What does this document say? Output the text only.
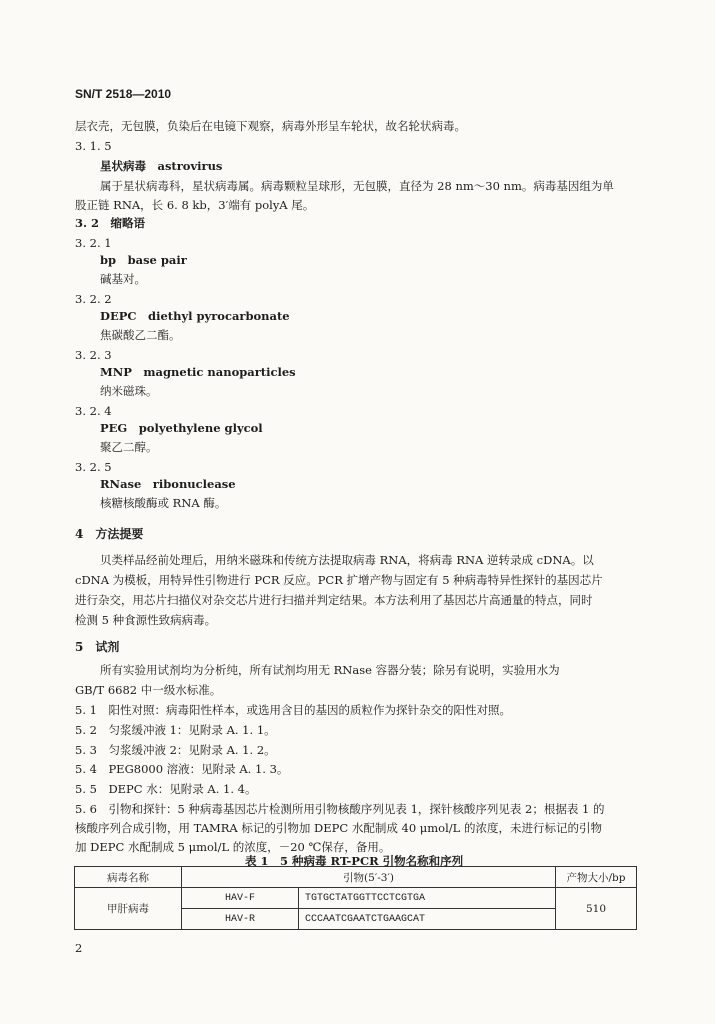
SN/T 2518—2010
层衣壳，无包膜，负染后在电镜下观察，病毒外形呈车轮状，故名轮状病毒。
3. 1. 5
星状病毒　astrovirus
属于星状病毒科，星状病毒属。病毒颗粒呈球形，无包膜，直径为 28 nm～30 nm。病毒基因组为单
股正链 RNA，长 6. 8 kb，3′端有 polyA 尾。
3. 2　缩略语
3. 2. 1
bp　base pair
碱基对。
3. 2. 2
DEPC　diethyl pyrocarbonate
焦碳酸乙二酯。
3. 2. 3
MNP　magnetic nanoparticles
纳米磁珠。
3. 2. 4
PEG　polyethylene glycol
聚乙二醇。
3. 2. 5
RNase　ribonuclease
核糖核酸酶或 RNA 酶。
4　方法提要
贝类样品经前处理后，用纳米磁珠和传统方法提取病毒 RNA，将病毒 RNA 逆转录成 cDNA。以
cDNA 为模板，用特异性引物进行 PCR 反应。PCR 扩增产物与固定有 5 种病毒特异性探针的基因芯片
进行杂交，用芯片扫描仪对杂交芯片进行扫描并判定结果。本方法利用了基因芯片高通量的特点，同时
检测 5 种食源性致病病毒。
5　试剂
所有实验用试剂均为分析纯，所有试剂均用无 RNase 容器分装；除另有说明，实验用水为
GB/T 6682 中一级水标准。
5. 1　阳性对照：病毒阳性样本，或选用含目的基因的质粒作为探针杂交的阳性对照。
5. 2　匀浆缓冲液 1：见附录 A. 1. 1。
5. 3　匀浆缓冲液 2：见附录 A. 1. 2。
5. 4　PEG8000 溶液：见附录 A. 1. 3。
5. 5　DEPC 水：见附录 A. 1. 4。
5. 6　引物和探针：5 种病毒基因芯片检测所用引物核酸序列见表 1，探针核酸序列见表 2；根据表 1 的
核酸序列合成引物，用 TAMRA 标记的引物加 DEPC 水配制成 40 μmol/L 的浓度，未进行标记的引物
加 DEPC 水配制成 5 μmol/L 的浓度，－20 ℃保存，备用。
表 1　5 种病毒 RT-PCR 引物名称和序列
病毒名称	引物(5′-3′)		产物大小/bp
甲肝病毒	HAV-F	TGTGCTATGGTTCCTCGTGA	510
	HAV-R	CCCAATCGAATCTGAAGCAT	
2
